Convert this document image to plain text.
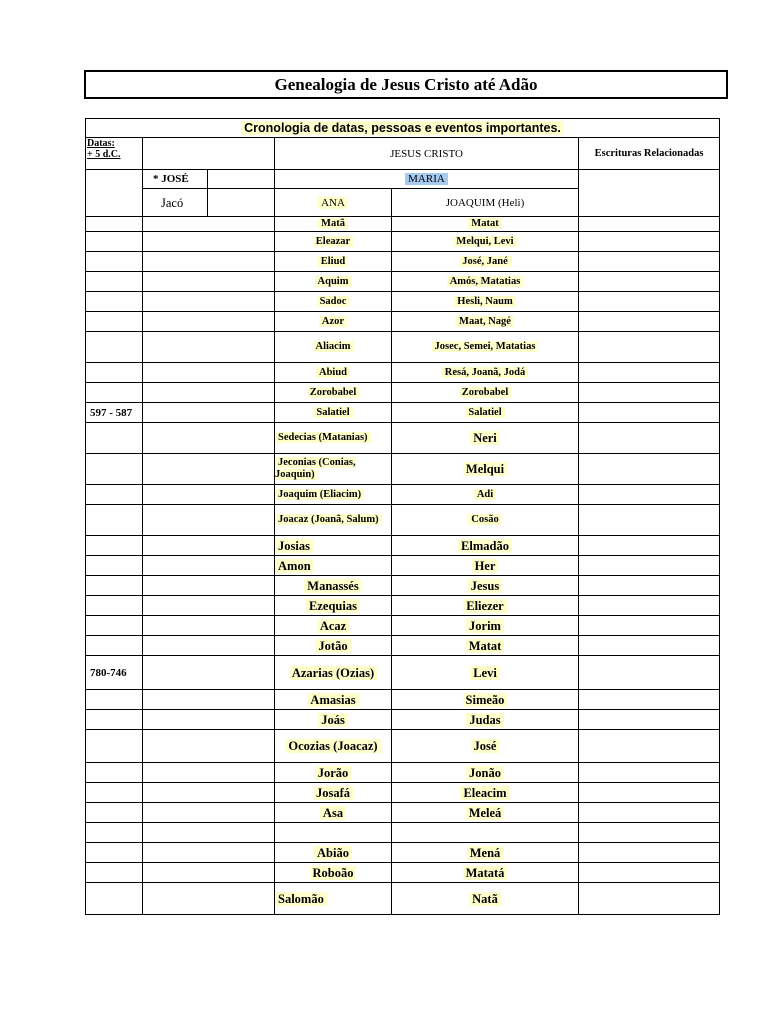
Genealogia de Jesus Cristo até Adão
Cronologia de datas, pessoas e eventos importantes.					

Datas:
+ 5 d.C.			JESUS CRISTO		Escrituras Relacionadas
	* JOSÉ		MARIA		
	Jacó		ANA	JOAQUIM (Heli)	
			Matã	Matat	
			Eleazar	Melqui, Levi	
			Eliud	José, Jané	
			Aquim	Amós, Matatias	
			Sadoc	Hesli, Naum	
			Azor	Maat, Nagé	
			Aliacim	Josec, Semei, Matatias	
			Abiud	Resá, Joanã, Jodá	
			Zorobabel	Zorobabel	
597 - 587			Salatiel	Salatiel	
			Sedecias (Matanias)	Neri	
			Jeconias (Conias, Joaquin)	Melqui	
			Joaquim (Eliacim)	Adi	
			Joacaz (Joanã, Salum)	Cosão	
			Josias	Elmadão	
			Amon	Her	
			Manassés	Jesus	
			Ezequias	Eliezer	
			Acaz	Jorim	
			Jotão	Matat	
780-746			Azarias (Ozias)	Levi	
			Amasias	Simeão	
			Joás	Judas	
			Ocozias (Joacaz)	José	
			Jorão	Jonão	
			Josafá	Eleacim	
			Asa	Meleá	

			Abião	Mená	
			Roboão	Matatá	
			Salomão	Natã	
